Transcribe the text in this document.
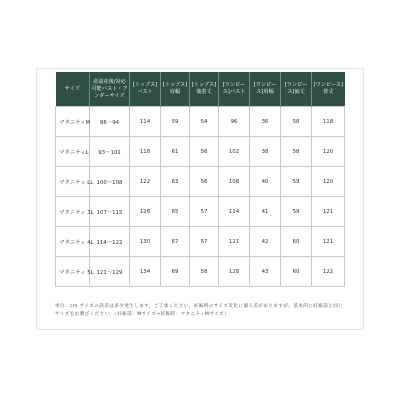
サイズ	産前産後/対応可能バスト・アンダーサイズ	[トップス]バスト	[トップス]肩幅	[トップス]後着丈	[ワンピース]バスト	[ワンピース]肩幅	[ワンピース]袖丈	[ワンピース]着丈
マタニティM	86〜94	114	59	54	96	36	58	118
マタニティL	93〜101	118	61	56	102	38	58	120
マタニティ LL	100〜108	122	63	56	108	40	59	120
マタニティ 3L	107〜115	126	65	57	114	41	59	121
マタニティ 4L	114〜122	130	67	57	121	42	60	121
マタニティ 5L	121〜129	134	69	58	128	43	60	122
単位：cm サイズの誤差は多少発生します。ご了承ください。妊娠時のサイズ変化に個人差がありますが、基本的に妊娠前と同じサイズをお選びください。（妊娠前：Mサイズ→妊娠時：マタニティMサイズ）
